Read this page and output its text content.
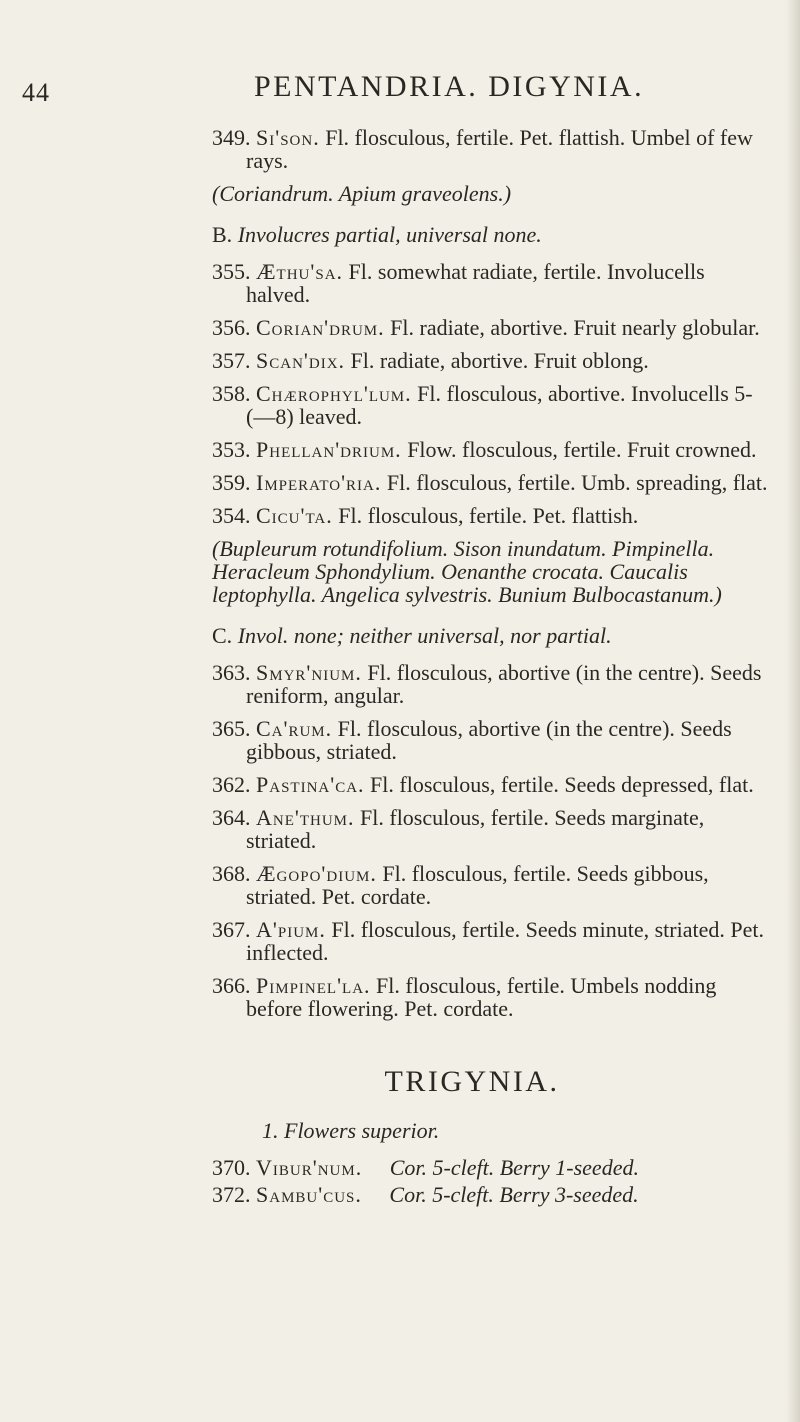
44	PENTANDRIA. DIGYNIA.
349. Si'son. Fl. flosculous, fertile. Pet. flattish. Umbel of few rays.
(Coriandrum. Apium graveolens.)
B. Involucres partial, universal none.
355. Æthu'sa. Fl. somewhat radiate, fertile. Involucells halved.
356. Corian'drum. Fl. radiate, abortive. Fruit nearly globular.
357. Scan'dix. Fl. radiate, abortive. Fruit oblong.
358. Chærophyl'lum. Fl. flosculous, abortive. Involucells 5- (—8) leaved.
353. Phellan'drium. Flow. flosculous, fertile. Fruit crowned.
359. Imperato'ria. Fl. flosculous, fertile. Umb. spreading, flat.
354. Cicu'ta. Fl. flosculous, fertile. Pet. flattish.
(Bupleurum rotundifolium. Sison inundatum. Pimpinella. Heracleum Sphondylium. Oenanthe crocata. Caucalis leptophylla. Angelica sylvestris. Bunium Bulbocastanum.)
C. Invol. none; neither universal, nor partial.
363. Smyr'nium. Fl. flosculous, abortive (in the centre). Seeds reniform, angular.
365. Ca'rum. Fl. flosculous, abortive (in the centre). Seeds gibbous, striated.
362. Pastina'ca. Fl. flosculous, fertile. Seeds depressed, flat.
364. Ane'thum. Fl. flosculous, fertile. Seeds marginate, striated.
368. Ægopo'dium. Fl. flosculous, fertile. Seeds gibbous, striated. Pet. cordate.
367. A'pium. Fl. flosculous, fertile. Seeds minute, striated. Pet. inflected.
366. Pimpinel'la. Fl. flosculous, fertile. Umbels nodding before flowering. Pet. cordate.
TRIGYNIA.
1. Flowers superior.
370. Vibur'num. Cor. 5-cleft. Berry 1-seeded.
372. Sambu'cus. Cor. 5-cleft. Berry 3-seeded.
